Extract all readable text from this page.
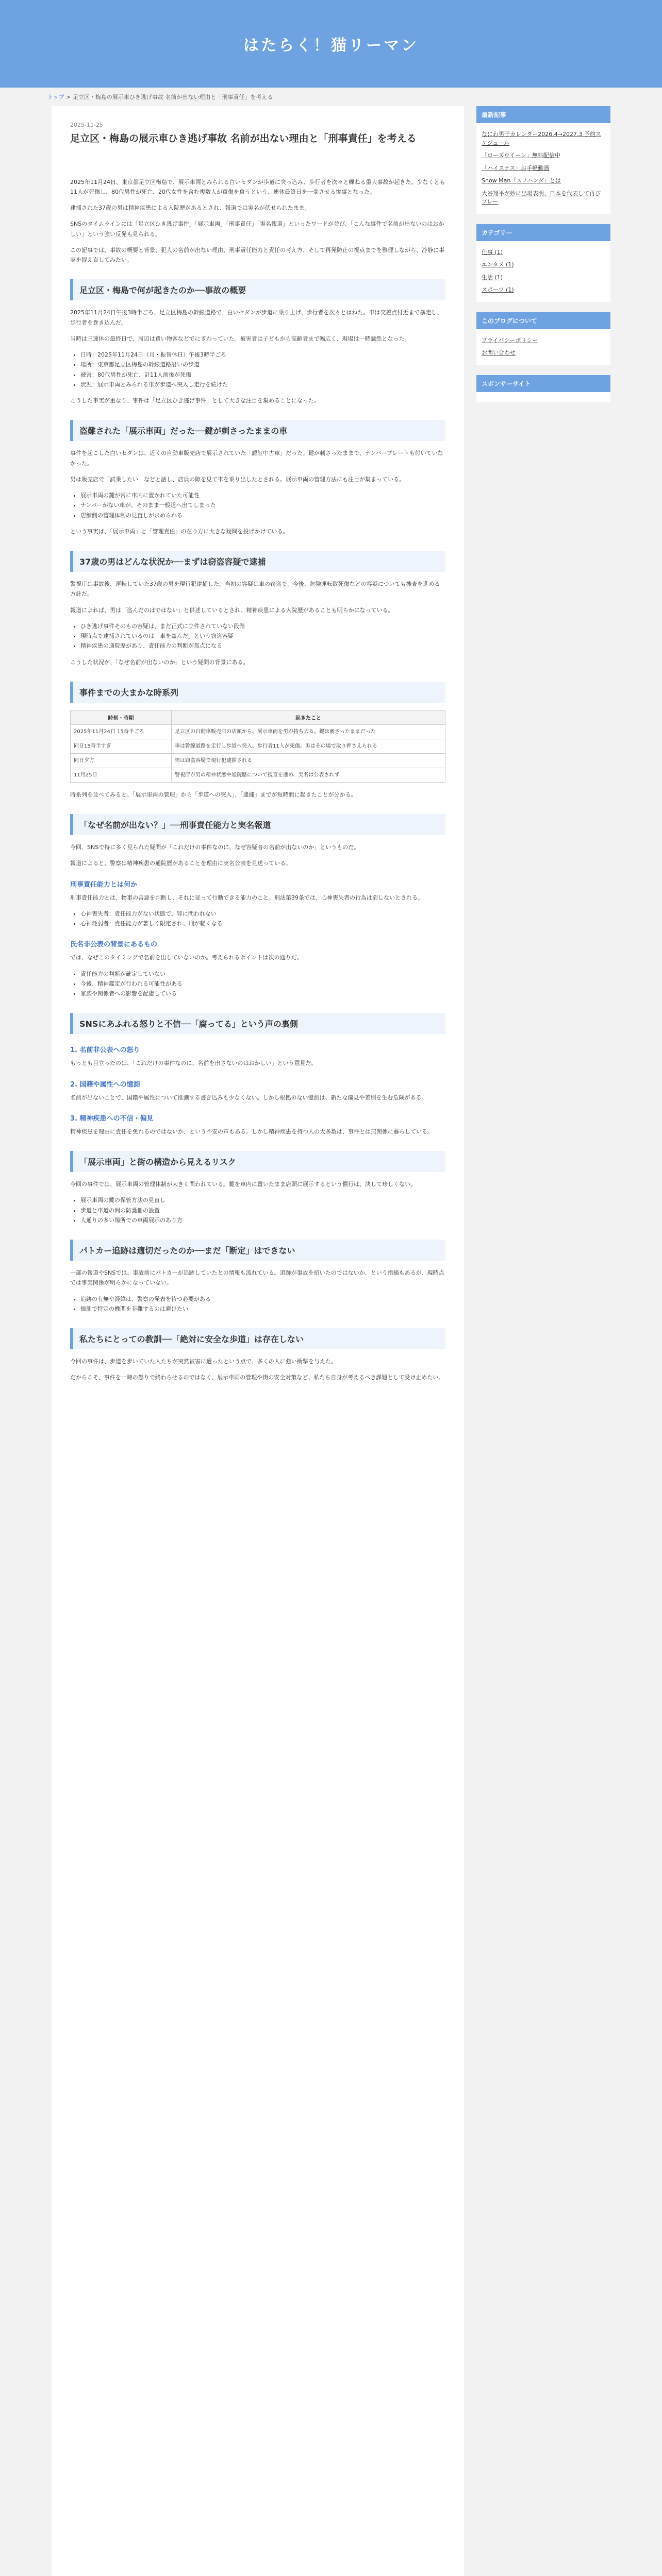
はたらく！猫リーマン
トップ > 足立区・梅島の展示車ひき逃げ事故 名前が出ない理由と「刑事責任」を考える
2025-11-25
足立区・梅島の展示車ひき逃げ事故 名前が出ない理由と「刑事責任」を考える

2025年11月24日、東京都足立区梅島で、展示車両とみられる白いセダンが歩道に突っ込み、歩行者を次々と轢ねる重大事故が起きた。少なくとも11人が死傷し、80代男性が死亡、20代女性を含む複数人が重傷を負うという、連休最終日を一変させる惨事となった。

逮捕された37歳の男は精神疾患による入院歴があるとされ、報道では実名が伏せられたまま。

SNSのタイムラインには「足立区ひき逃げ事件」「展示車両」「刑事責任」「実名報道」といったワードが並び、「こんな事件で名前が出ないのはおかしい」という強い反発も見られる。

この記事では、事故の概要と背景、犯人の名前が出ない理由、刑事責任能力と責任の考え方、そして再発防止の視点までを整理しながら、冷静に事実を捉え直してみたい。

足立区・梅島で何が起きたのか──事故の概要

2025年11月24日午後3時半ごろ、足立区梅島の幹線道路で、白いセダンが歩道に乗り上げ、歩行者を次々とはねた。車は交差点付近まで暴走し、歩行者を巻き込んだ。

当時は三連休の最終日で、周辺は買い物客などでにぎわっていた。被害者は子どもから高齢者まで幅広く、現場は一時騒然となった。

• 日時：2025年11月24日（月・振替休日）午後3時半ごろ
• 場所：東京都足立区梅島の幹線道路沿いの歩道
• 被害：80代男性が死亡、計11人前後が死傷
• 状況：展示車両とみられる車が歩道へ突入し走行を続けた

こうした事実が重なり、事件は「足立区ひき逃げ事件」として大きな注目を集めることになった。

盗難された「展示車両」だった──鍵が刺さったままの車

事件を起こした白いセダンは、近くの自動車販売店で展示されていた「認証中古車」だった。鍵が刺さったままで、ナンバープレートも付いていなかった。

男は販売店で「試乗したい」などと話し、店員の隙を見て車を乗り出したとされる。展示車両の管理方法にも注目が集まっている。

• 展示車両の鍵が常に車内に置かれていた可能性
• ナンバーがない車が、そのまま一般道へ出てしまった
• 店舗側の管理体制の見直しが求められる

という事実は、「展示車両」と「管理責任」の在り方に大きな疑問を投げかけている。

37歳の男はどんな状況か──まずは窃盗容疑で逮捕

警視庁は事故後、運転していた37歳の男を現行犯逮捕した。当初の容疑は車の窃盗で、今後、危険運転致死傷などの容疑についても捜査を進める方針だ。

報道によれば、男は「盗んだのはではない」と供述しているとされ、精神疾患による入院歴があることも明らかになっている。

• ひき逃げ事件そのもの容疑は、まだ正式に立件されていない段階
• 現時点で逮捕されているのは「車を盗んだ」という窃盗容疑
• 精神疾患の通院歴があり、責任能力の判断が焦点になる

こうした状況が、「なぜ名前が出ないのか」という疑問の背景にある。

事件までの大まかな時系列
時刻・時期	起きたこと
2025年11月24日 15時半ごろ	足立区の自動車販売店の店頭から、展示車両を男が持ち去る。鍵は刺さったままだった
同日15時半すぎ	車は幹線道路を走行し歩道へ突入。歩行者11人が死傷。男はその場で取り押さえられる
同日夕方	男は窃盗容疑で現行犯逮捕される
11月25日	警視庁が男の精神状態や通院歴について捜査を進め、実名は公表されず

時系列を並べてみると、「展示車両の管理」から「歩道への突入」、「逮捕」までが短時間に起きたことが分かる。

「なぜ名前が出ない？」──刑事責任能力と実名報道

今回、SNSで特に多く見られた疑問が「これだけの事件なのに、なぜ容疑者の名前が出ないのか」というものだ。

報道によると、警察は精神疾患の通院歴があることを理由に実名公表を見送っている。

刑事責任能力とは何か

刑事責任能力とは、物事の善悪を判断し、それに従って行動できる能力のこと。刑法第39条では、心神喪失者の行為は罰しないとされる。

• 心神喪失者：責任能力がない状態で、罪に問われない
• 心神耗弱者：責任能力が著しく限定され、刑が軽くなる
氏名非公表の背景にあるもの

では、なぜこのタイミングで名前を出していないのか。考えられるポイントは次の通りだ。

• 責任能力の判断が確定していない
• 今後、精神鑑定が行われる可能性がある
• 家族や関係者への影響を配慮している
SNSにあふれる怒りと不信──「腐ってる」という声の裏側
1. 名前非公表への怒り

もっとも目立ったのは、「これだけの事件なのに、名前を出さないのはおかしい」という意見だ。

2. 国籍や属性への憶測

名前が出ないことで、国籍や属性について推測する書き込みも少なくない。しかし根拠のない憶測は、新たな偏見や差別を生む危険がある。

3. 精神疾患への不信・偏見

精神疾患を理由に責任を免れるのではないか、という不安の声もある。しかし精神疾患を持つ人の大多数は、事件とは無関係に暮らしている。

「展示車両」と街の構造から見えるリスク

今回の事件では、展示車両の管理体制が大きく問われている。鍵を車内に置いたまま店頭に展示するという慣行は、決して珍しくない。

• 展示車両の鍵の保管方法の見直し
• 歩道と車道の間の防護柵の設置
• 人通りの多い場所での車両展示のあり方
パトカー追跡は適切だったのか──まだ「断定」はできない

一部の報道やSNSでは、事故前にパトカーが追跡していたとの情報も流れている。追跡が事故を招いたのではないか、という指摘もあるが、現時点では事実関係が明らかになっていない。

• 追跡の有無や経緯は、警察の発表を待つ必要がある
• 憶測で特定の機関を非難するのは避けたい
私たちにとっての教訓──「絶対に安全な歩道」は存在しない

今回の事件は、歩道を歩いていた人たちが突然被害に遭ったという点で、多くの人に強い衝撃を与えた。

だからこそ、事件を一時の怒りで終わらせるのではなく、展示車両の管理や街の安全対策など、私たち自身が考えるべき課題として受け止めたい。

最新記事
なにわ男子カレンダー2026.4→2027.3 予約スケジュール
「ローズウイーン」無料配信中
「ハイステス」お手軽動画
Snow Man「スノハンダ」とは
大谷翔平が妙に出場表明、日本を代表して再びプレー
カテゴリー
仕事 (1)
エンタメ (1)
生活 (1)
スポーツ (1)
このブログについて
プライバシーポリシー
お問い合わせ
スポンサーサイト
